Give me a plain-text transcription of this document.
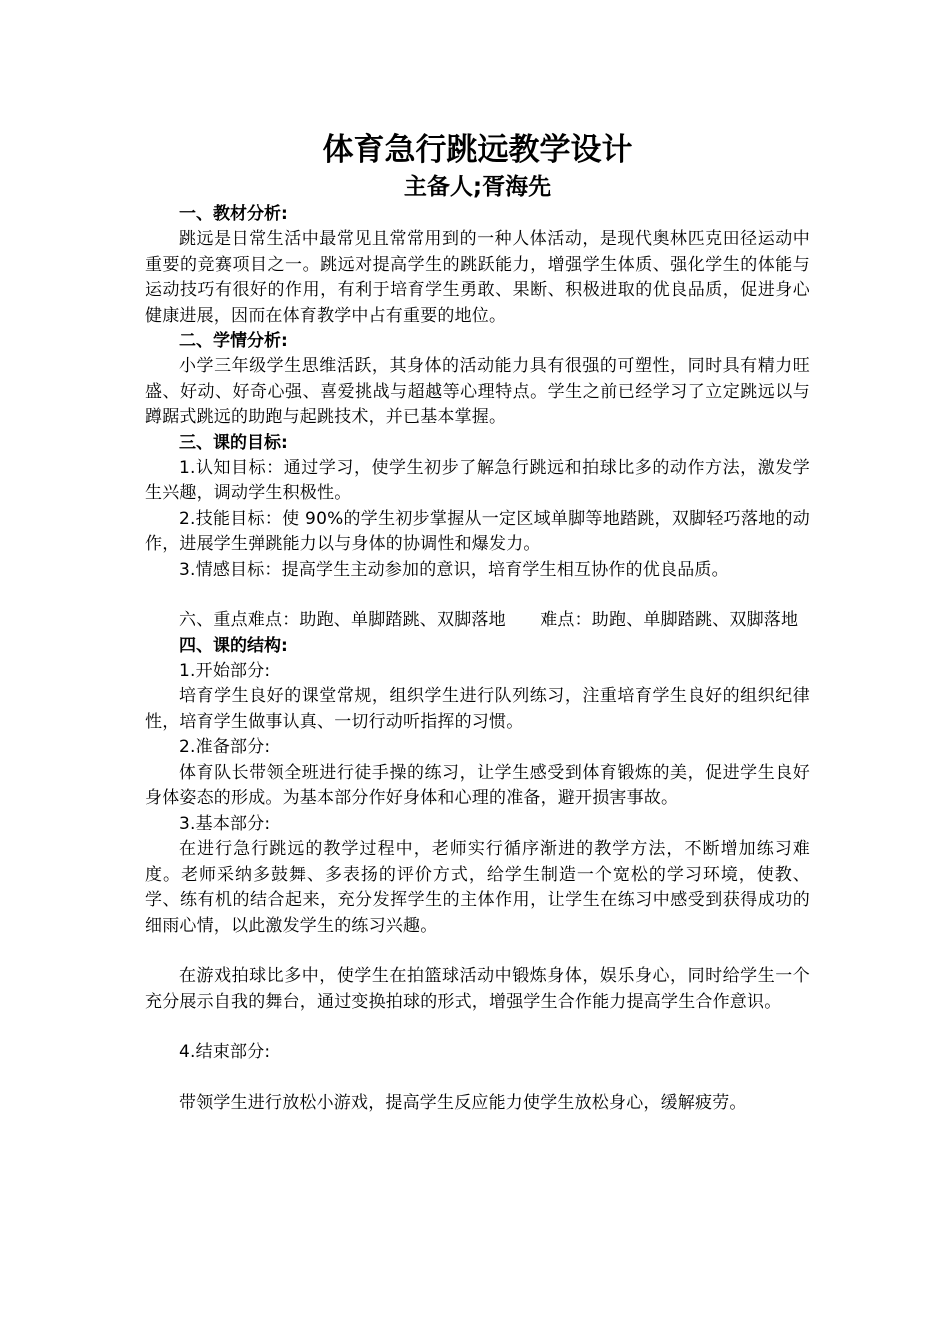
体育急行跳远教学设计
主备人;胥海先

一、教材分析:

跳远是日常生活中最常见且常常用到的一种人体活动，是现代奥林匹克田径运动中重要的竞赛项目之一。跳远对提高学生的跳跃能力，增强学生体质、强化学生的体能与运动技巧有很好的作用，有利于培育学生勇敢、果断、积极进取的优良品质，促进身心健康进展，因而在体育教学中占有重要的地位。

二、学情分析:

小学三年级学生思维活跃，其身体的活动能力具有很强的可塑性，同时具有精力旺盛、好动、好奇心强、喜爱挑战与超越等心理特点。学生之前已经学习了立定跳远以与蹲踞式跳远的助跑与起跳技术，并已基本掌握。

三、课的目标:

1.认知目标：通过学习，使学生初步了解急行跳远和拍球比多的动作方法，激发学生兴趣，调动学生积极性。

2.技能目标：使 90%的学生初步掌握从一定区域单脚等地踏跳，双脚轻巧落地的动作，进展学生弹跳能力以与身体的协调性和爆发力。

3.情感目标：提高学生主动参加的意识，培育学生相互协作的优良品质。

六、重点难点：助跑、单脚踏跳、双脚落地　　难点：助跑、单脚踏跳、双脚落地

四、课的结构:

1.开始部分:

培育学生良好的课堂常规，组织学生进行队列练习，注重培育学生良好的组织纪律性，培育学生做事认真、一切行动听指挥的习惯。

2.准备部分:

体育队长带领全班进行徒手操的练习，让学生感受到体育锻炼的美，促进学生良好身体姿态的形成。为基本部分作好身体和心理的准备，避开损害事故。

3.基本部分:

在进行急行跳远的教学过程中，老师实行循序渐进的教学方法，不断增加练习难度。老师采纳多鼓舞、多表扬的评价方式，给学生制造一个宽松的学习环境，使教、学、练有机的结合起来，充分发挥学生的主体作用，让学生在练习中感受到获得成功的细雨心情，以此激发学生的练习兴趣。

在游戏拍球比多中，使学生在拍篮球活动中锻炼身体，娱乐身心，同时给学生一个充分展示自我的舞台，通过变换拍球的形式，增强学生合作能力提高学生合作意识。

4.结束部分:

带领学生进行放松小游戏，提高学生反应能力使学生放松身心，缓解疲劳。
